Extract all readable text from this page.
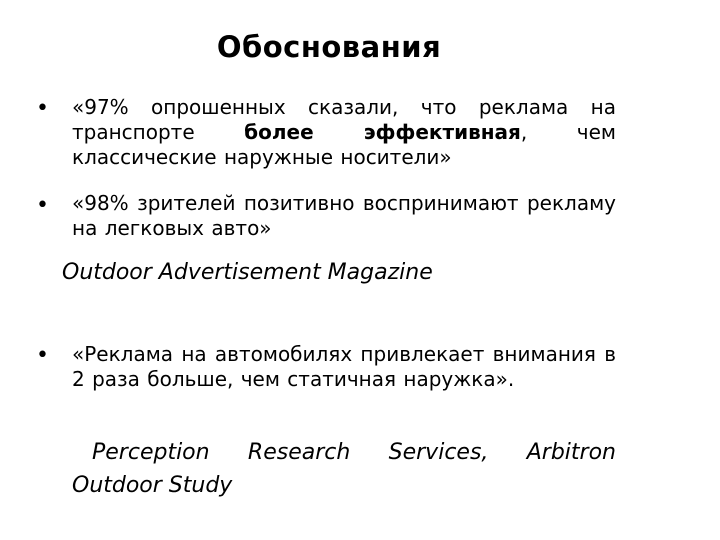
Обоснования
• «97% опрошенных сказали, что реклама на транспорте более эффективная, чем классические наружные носители»
• «98% зрителей позитивно воспринимают рекламу на легковых авто»
Outdoor Advertisement Magazine
• «Реклама на автомобилях привлекает внимания в 2 раза больше, чем статичная наружка».
Perception Research Services, Arbitron
Outdoor Study
